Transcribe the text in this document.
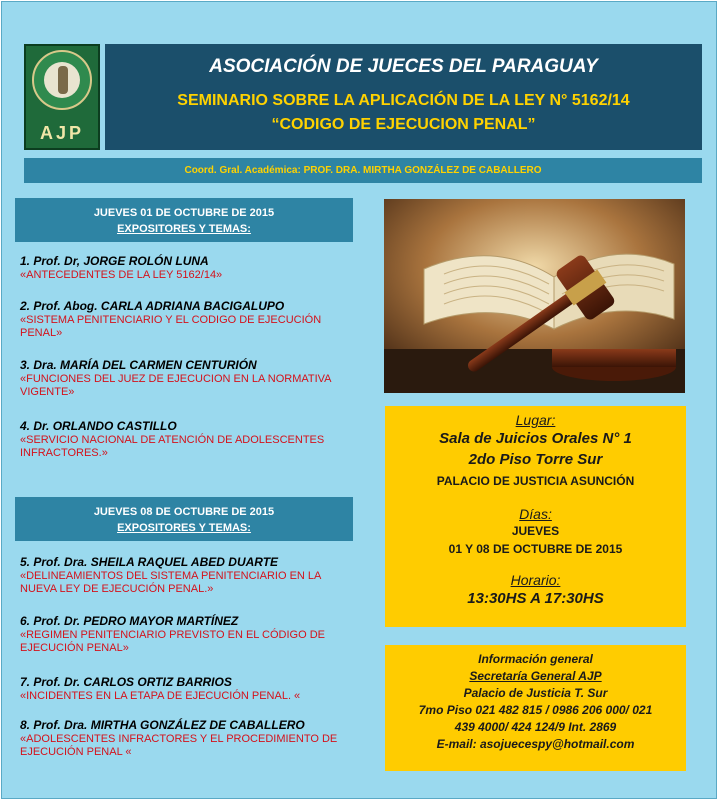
AJP
ASOCIACIÓN DE JUECES DEL PARAGUAY
SEMINARIO SOBRE LA APLICACIÓN DE LA LEY N° 5162/14
“CODIGO DE EJECUCION PENAL”
Coord. Gral. Académica: PROF. DRA. MIRTHA GONZÁLEZ DE CABALLERO
JUEVES 01 DE OCTUBRE DE 2015
EXPOSITORES Y TEMAS:
1. Prof. Dr, JORGE ROLÓN LUNA
«ANTECEDENTES DE LA LEY 5162/14»
2. Prof. Abog. CARLA ADRIANA BACIGALUPO
«SISTEMA PENITENCIARIO Y EL CODIGO DE EJECUCIÓN PENAL»
3. Dra. MARÍA DEL CARMEN CENTURIÓN
«FUNCIONES DEL JUEZ DE EJECUCION EN LA NORMATIVA VIGENTE»
4. Dr. ORLANDO CASTILLO
«SERVICIO NACIONAL DE ATENCIÓN DE ADOLESCENTES INFRACTORES.»
JUEVES 08 DE OCTUBRE DE 2015
EXPOSITORES Y TEMAS:
5. Prof. Dra. SHEILA RAQUEL ABED DUARTE
«DELINEAMIENTOS DEL SISTEMA PENITENCIARIO EN LA NUEVA LEY DE EJECUCIÓN PENAL.»
6. Prof. Dr. PEDRO MAYOR MARTÍNEZ
«REGIMEN PENITENCIARIO PREVISTO EN EL CÓDIGO DE EJECUCIÓN PENAL»
7. Prof. Dr. CARLOS ORTIZ BARRIOS
«INCIDENTES EN LA ETAPA DE EJECUCIÓN PENAL. «
8. Prof. Dra. MIRTHA GONZÁLEZ DE CABALLERO
«ADOLESCENTES INFRACTORES Y EL PROCEDIMIENTO DE EJECUCIÓN PENAL «
Lugar:
Sala de Juicios Orales N° 1
2do Piso Torre Sur
PALACIO DE JUSTICIA ASUNCIÓN
Días:
JUEVES
01 Y 08 DE OCTUBRE DE 2015
Horario:
13:30HS A 17:30HS
Información general
Secretaría General AJP
Palacio de Justicia T. Sur
7mo Piso 021 482 815 / 0986 206 000/ 021
439 4000/ 424 124/9 Int. 2869
E-mail: asojuecespy@hotmail.com
